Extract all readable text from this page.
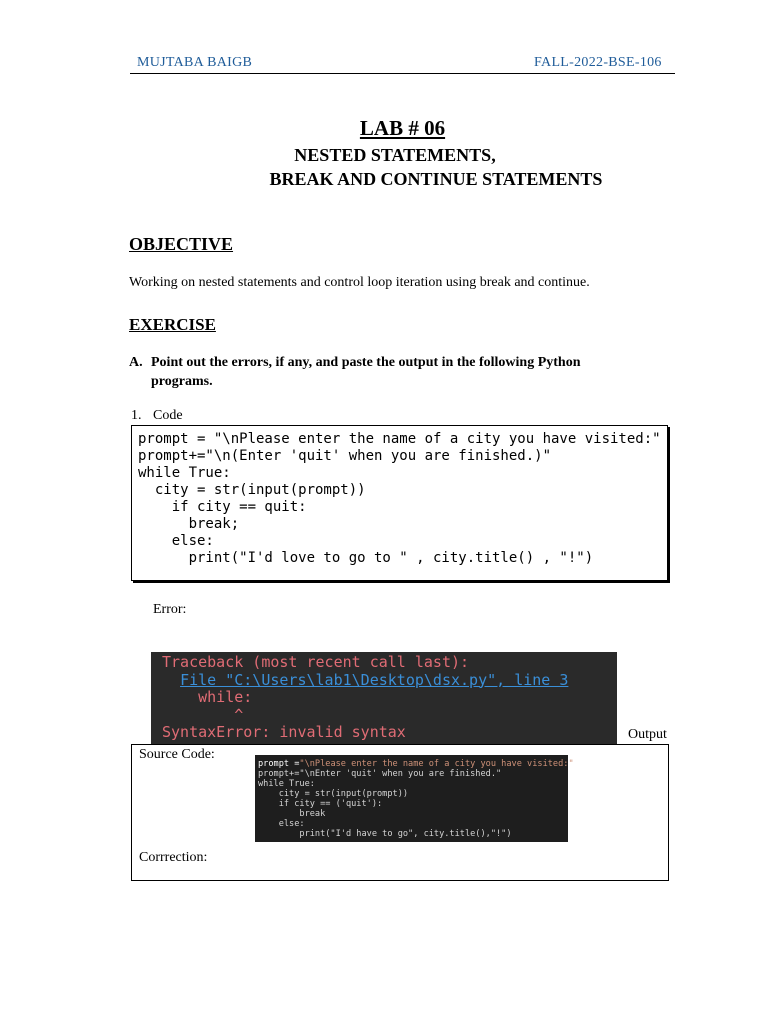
MUJTABA BAIGB	FALL-2022-BSE-106
LAB # 06
NESTED STATEMENTS,
BREAK AND CONTINUE STATEMENTS
OBJECTIVE
Working on nested statements and control loop iteration using break and continue.
EXERCISE
A. Point out the errors, if any, and paste the output in the following Python
programs.
1. Code
prompt = "\nPlease enter the name of a city you have visited:"
prompt+="\n(Enter 'quit' when you are finished.)"
while True:
city = str(input(prompt))
if city == quit:
break;
else:
print("I'd love to go to " , city.title() , "!")
Error:
Traceback (most recent call last):
File "C:\Users\lab1\Desktop\dsx.py", line 3
while:
^
SyntaxError: invalid syntax	Output
Source Code:
Corrrection:
prompt ="\nPlease enter the name of a city you have visited:"
prompt+="\nEnter 'quit' when you are finished."
while True:
city = str(input(prompt))
if city == ('quit'):
break
else:
print("I'd have to go", city.title(),"!")
